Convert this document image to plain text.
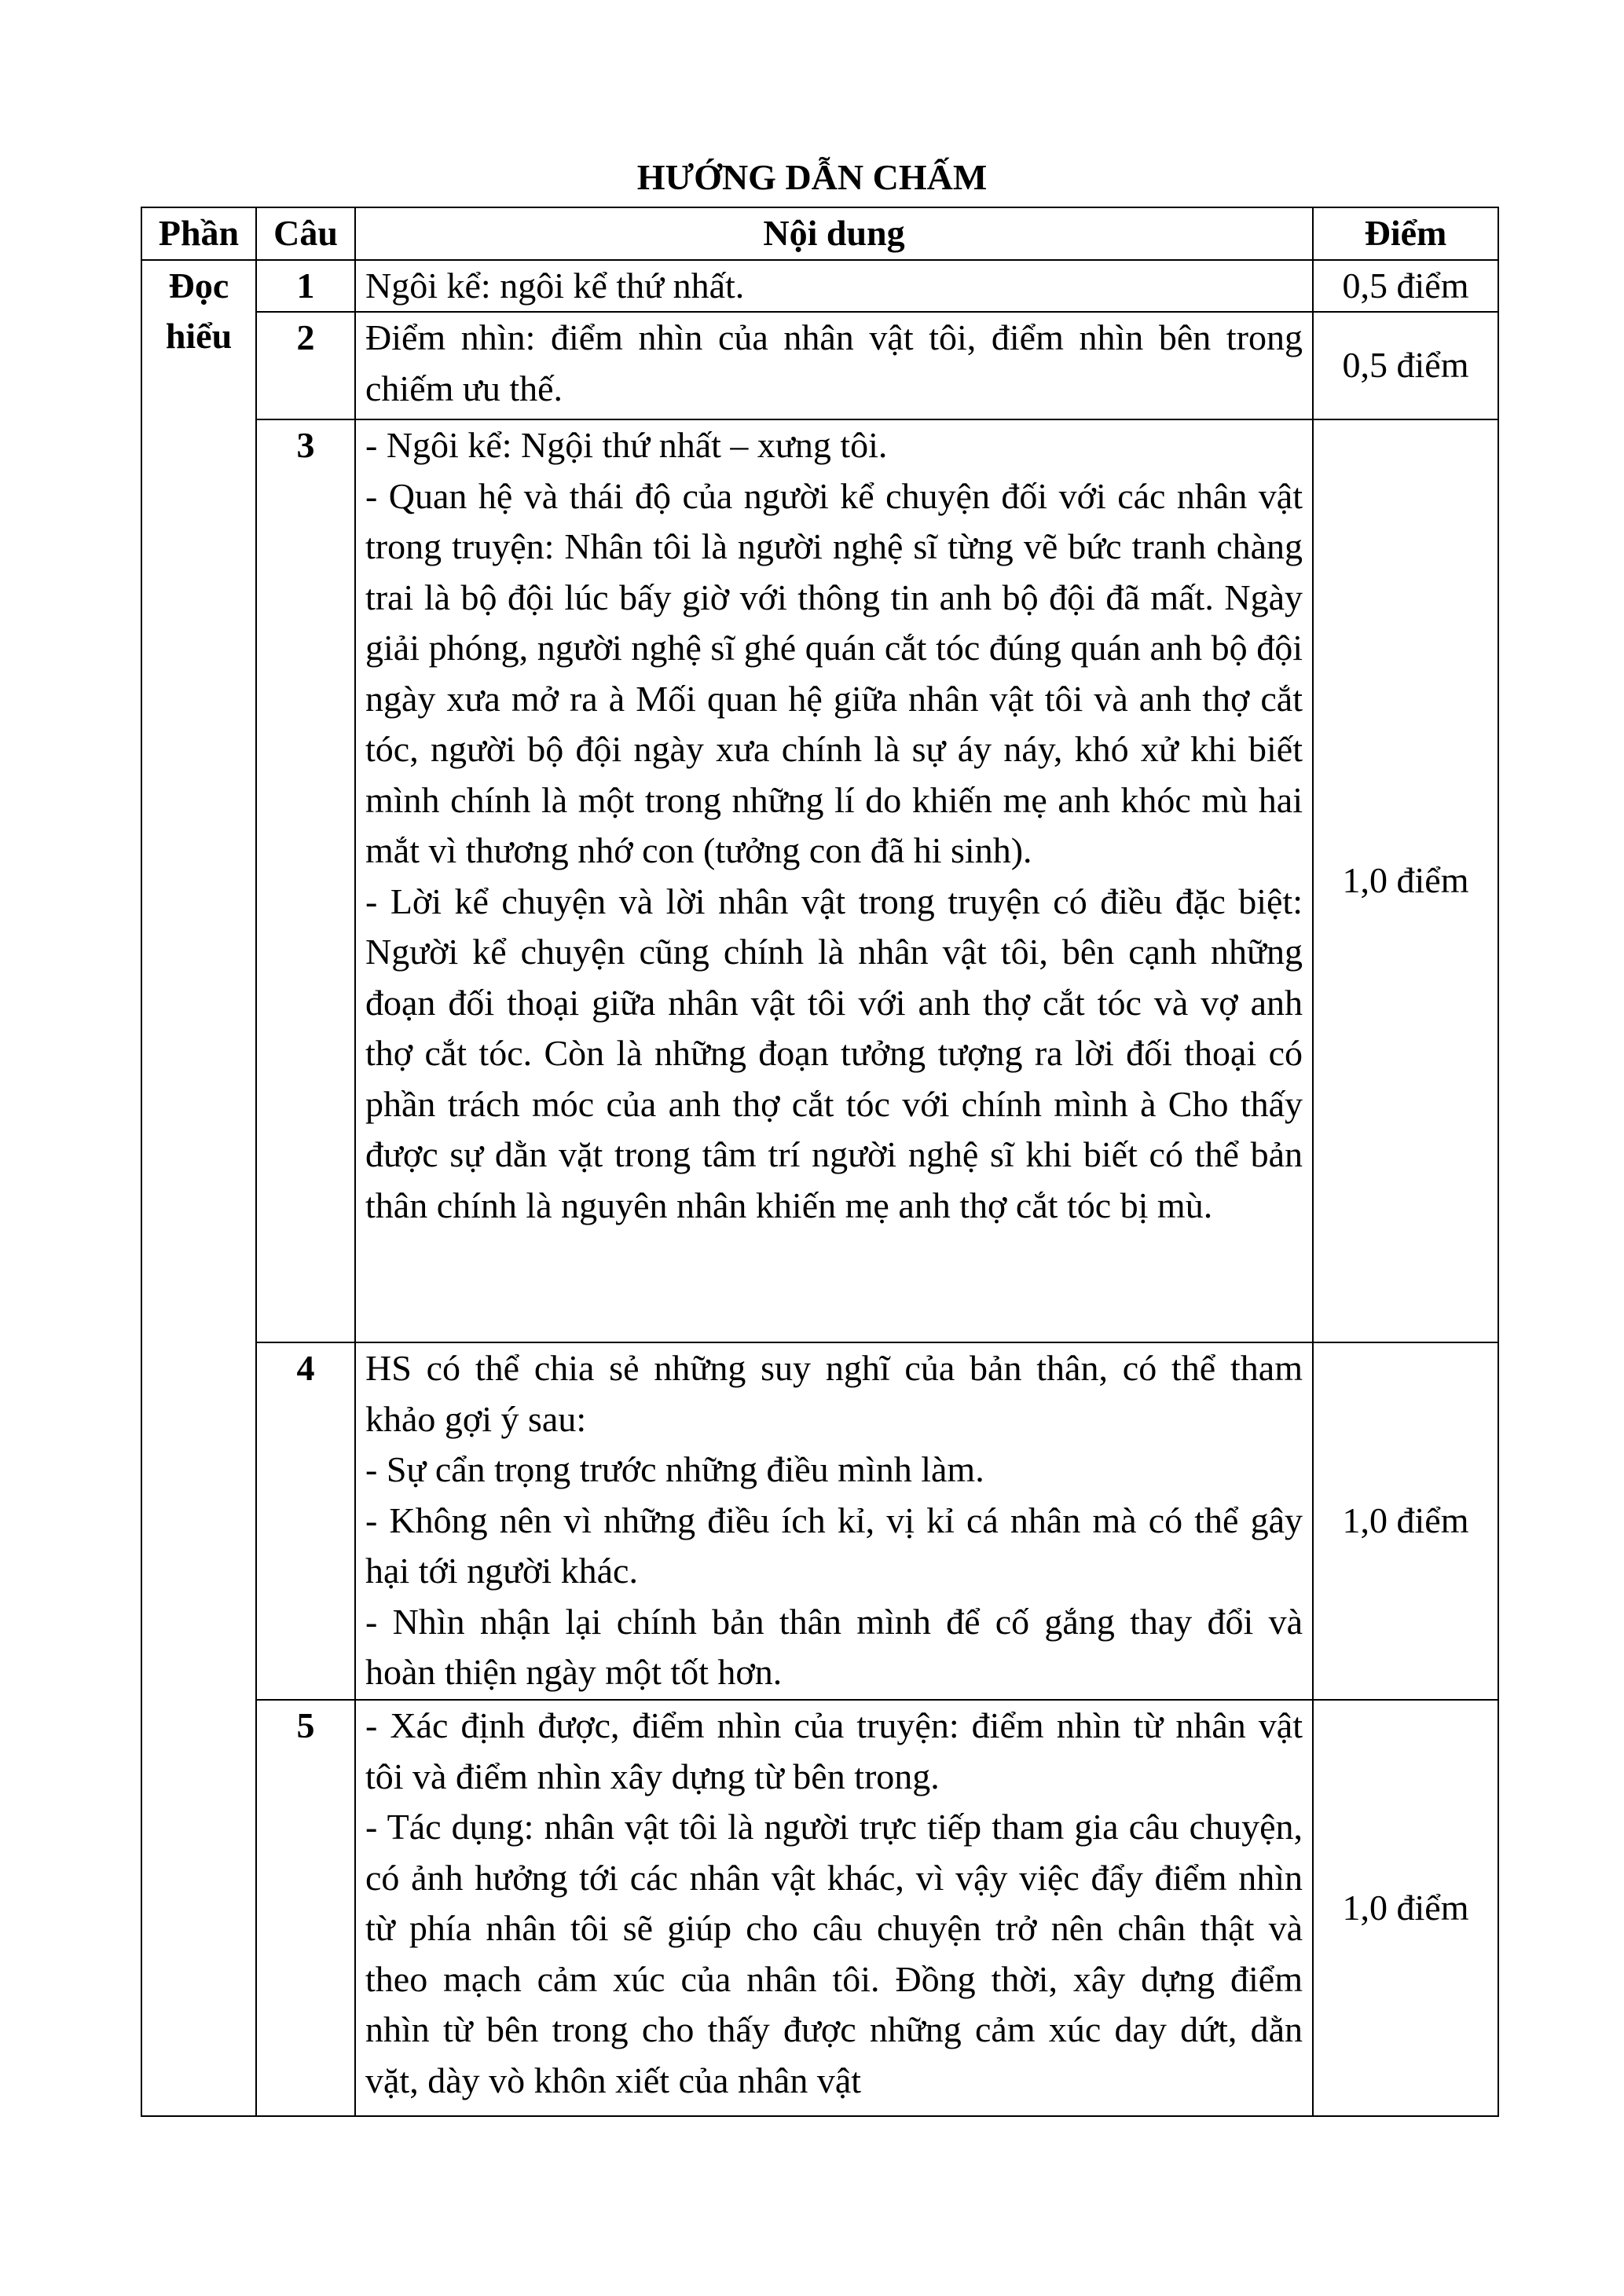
HƯỚNG DẪN CHẤM
Phần	Câu	Nội dung	Điểm
Đọc hiểu	1	Ngôi kể: ngôi kể thứ nhất.	0,5 điểm
	2	Điểm nhìn: điểm nhìn của nhân vật tôi, điểm nhìn bên trong chiếm ưu thế.	0,5 điểm
	3	- Ngôi kể: Ngội thứ nhất – xưng tôi.
- Quan hệ và thái độ của người kể chuyện đối với các nhân vật trong truyện: Nhân tôi là người nghệ sĩ từng vẽ bức tranh chàng trai là bộ đội lúc bấy giờ với thông tin anh bộ đội đã mất. Ngày giải phóng, người nghệ sĩ ghé quán cắt tóc đúng quán anh bộ đội ngày xưa mở ra à Mối quan hệ giữa nhân vật tôi và anh thợ cắt tóc, người bộ đội ngày xưa chính là sự áy náy, khó xử khi biết mình chính là một trong những lí do khiến mẹ anh khóc mù hai mắt vì thương nhớ con (tưởng con đã hi sinh).
- Lời kể chuyện và lời nhân vật trong truyện có điều đặc biệt: Người kể chuyện cũng chính là nhân vật tôi, bên cạnh những đoạn đối thoại giữa nhân vật tôi với anh thợ cắt tóc và vợ anh thợ cắt tóc. Còn là những đoạn tưởng tượng ra lời đối thoại có phần trách móc của anh thợ cắt tóc với chính mình à Cho thấy được sự dằn vặt trong tâm trí người nghệ sĩ khi biết có thể bản thân chính là nguyên nhân khiến mẹ anh thợ cắt tóc bị mù.	1,0 điểm
	4	HS có thể chia sẻ những suy nghĩ của bản thân, có thể tham khảo gợi ý sau:
- Sự cẩn trọng trước những điều mình làm.
- Không nên vì những điều ích kỉ, vị kỉ cá nhân mà có thể gây hại tới người khác.
- Nhìn nhận lại chính bản thân mình để cố gắng thay đổi và hoàn thiện ngày một tốt hơn.	1,0 điểm
	5	- Xác định được, điểm nhìn của truyện: điểm nhìn từ nhân vật tôi và điểm nhìn xây dựng từ bên trong.
- Tác dụng: nhân vật tôi là người trực tiếp tham gia câu chuyện, có ảnh hưởng tới các nhân vật khác, vì vậy việc đẩy điểm nhìn từ phía nhân tôi sẽ giúp cho câu chuyện trở nên chân thật và theo mạch cảm xúc của nhân tôi. Đồng thời, xây dựng điểm nhìn từ bên trong cho thấy được những cảm xúc day dứt, dằn vặt, dày vò khôn xiết của nhân vật	1,0 điểm
